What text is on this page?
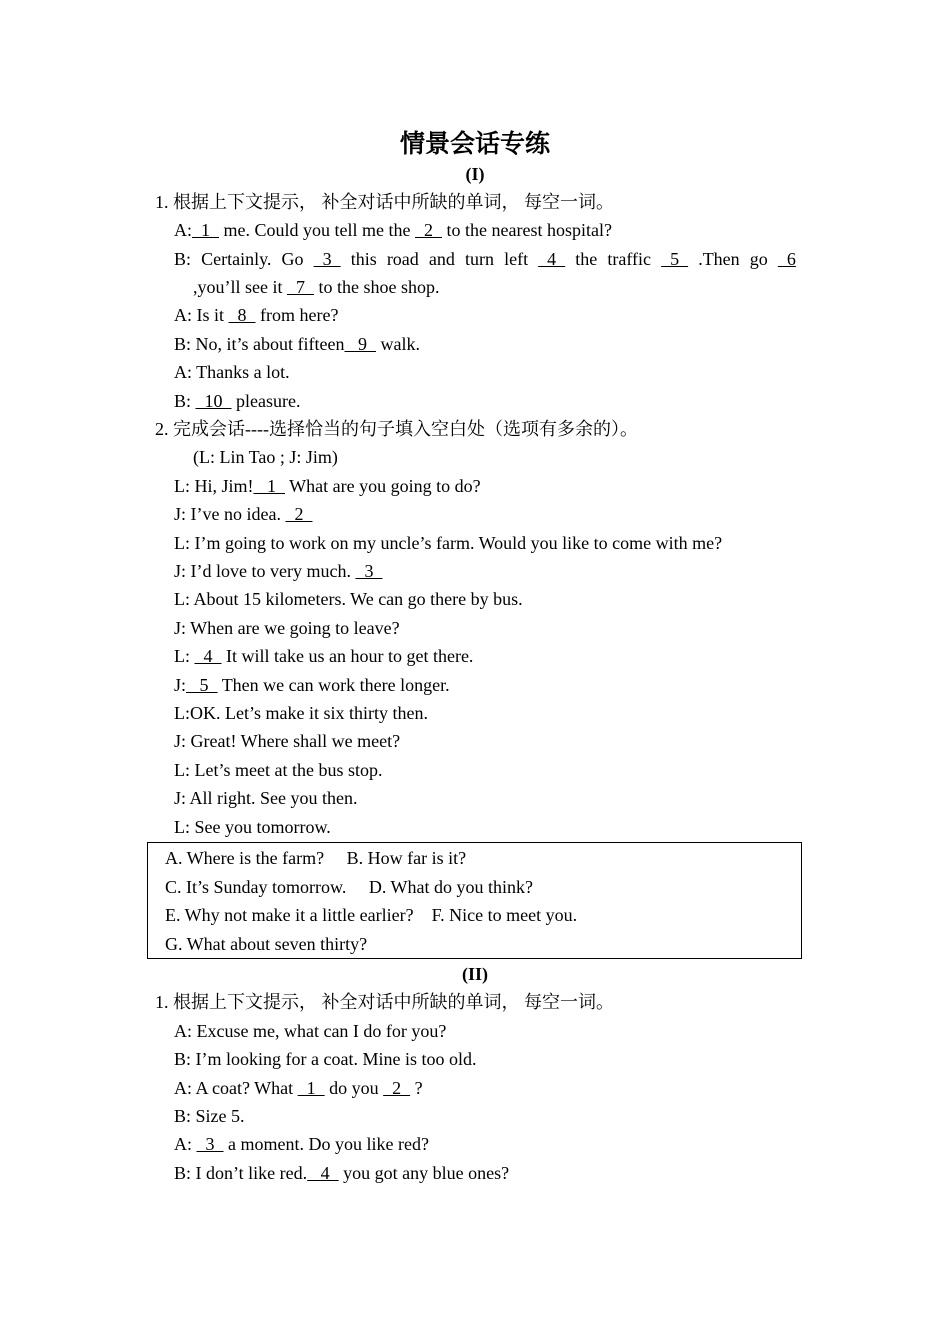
情景会话专练
(I)
1. 根据上下文提示， 补全对话中所缺的单词， 每空一词。
A:  1   me. Could you tell me the   2   to the nearest hospital?
B: Certainly. Go 3 this road and turn left 4 the traffic 5 .Then go 6
,you’ll see it   7   to the shoe shop.
A: Is it   8   from here?
B: No, it’s about fifteen   9   walk.
A: Thanks a lot.
B:   10   pleasure.
2. 完成会话----选择恰当的句子填入空白处（选项有多余的）。
(L: Lin Tao ; J: Jim)
L: Hi, Jim!   1   What are you going to do?
J: I’ve no idea.   2
L: I’m going to work on my uncle’s farm. Would you like to come with me?
J: I’d love to very much.   3
L: About 15 kilometers. We can go there by bus.
J: When are we going to leave?
L:   4   It will take us an hour to get there.
J:   5   Then we can work there longer.
L:OK. Let’s make it six thirty then.
J: Great! Where shall we meet?
L: Let’s meet at the bus stop.
J: All right. See you then.
L: See you tomorrow.
A. Where is the farm?     B. How far is it?
C. It’s Sunday tomorrow.     D. What do you think?
E. Why not make it a little earlier?    F. Nice to meet you.
G. What about seven thirty?
(II)
1. 根据上下文提示， 补全对话中所缺的单词， 每空一词。
A: Excuse me, what can I do for you?
B: I’m looking for a coat. Mine is too old.
A: A coat? What   1   do you   2   ?
B: Size 5.
A:   3   a moment. Do you like red?
B: I don’t like red.   4   you got any blue ones?
